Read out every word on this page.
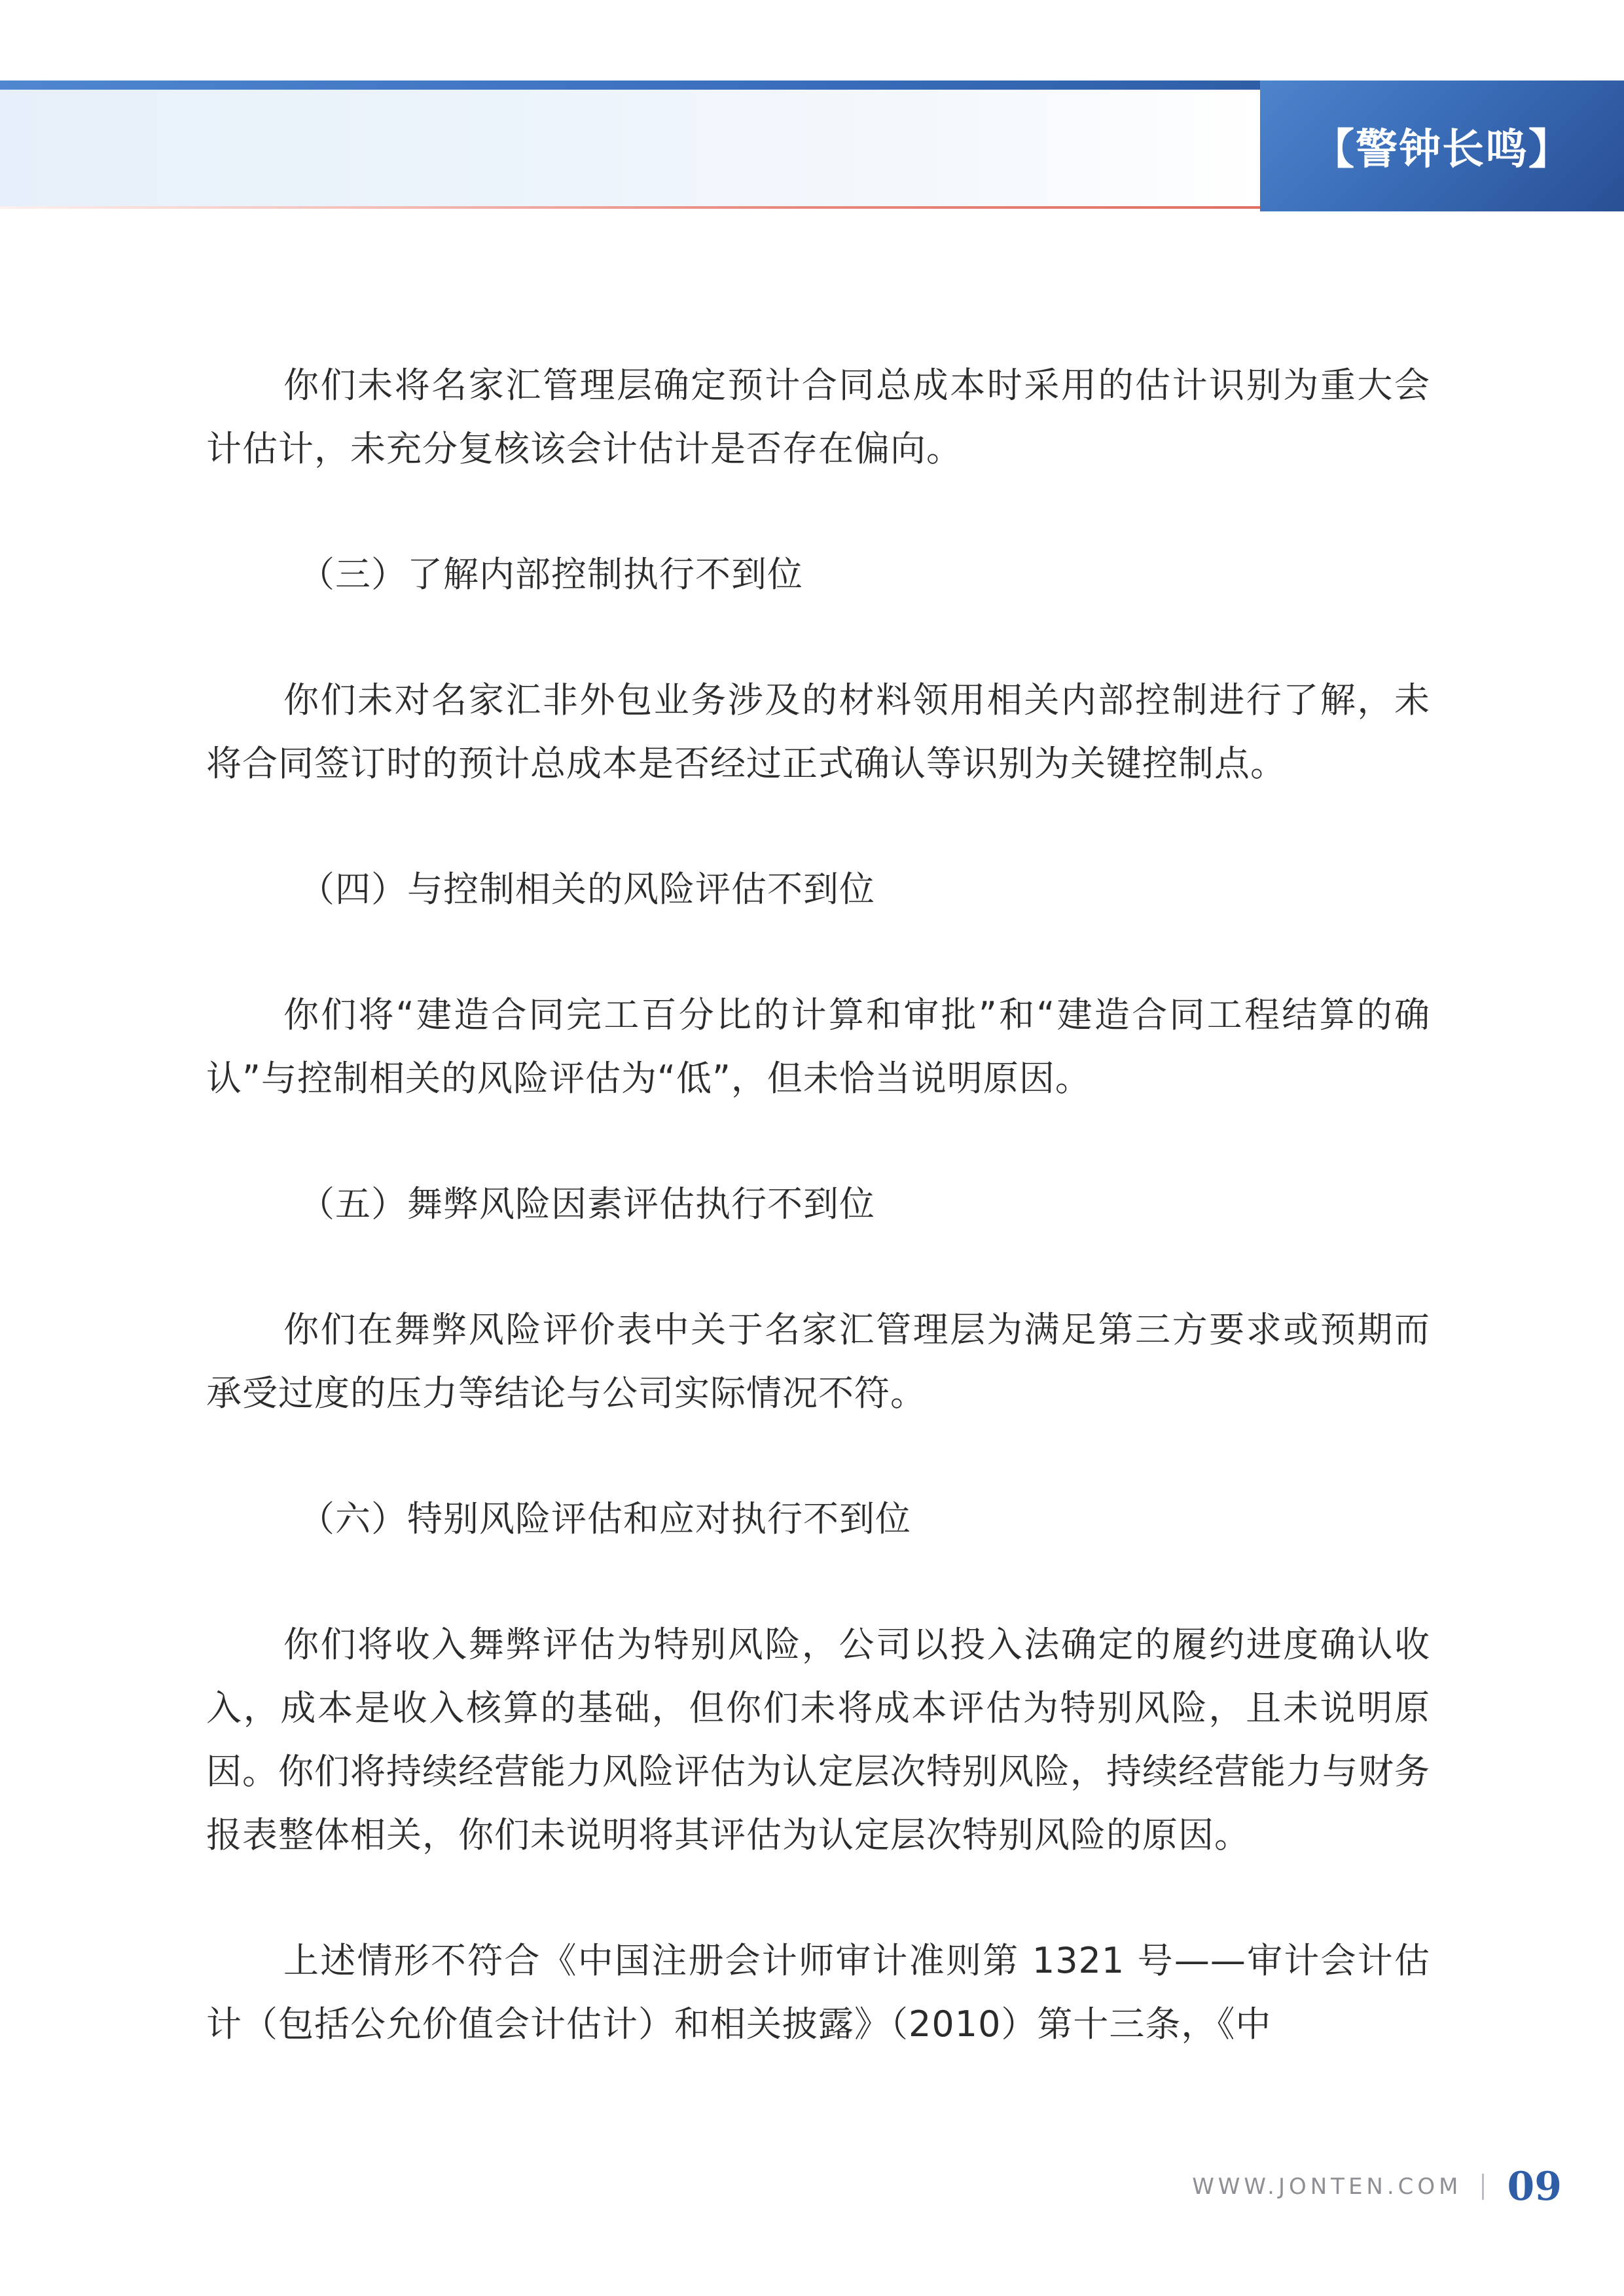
【警钟长鸣】

你们未将名家汇管理层确定预计合同总成本时采用的估计识别为重大会计估计，未充分复核该会计估计是否存在偏向。

（三）了解内部控制执行不到位

你们未对名家汇非外包业务涉及的材料领用相关内部控制进行了解，未将合同签订时的预计总成本是否经过正式确认等识别为关键控制点。

（四）与控制相关的风险评估不到位

你们将“建造合同完工百分比的计算和审批”和“建造合同工程结算的确认”与控制相关的风险评估为“低”，但未恰当说明原因。

（五）舞弊风险因素评估执行不到位

你们在舞弊风险评价表中关于名家汇管理层为满足第三方要求或预期而承受过度的压力等结论与公司实际情况不符。

（六）特别风险评估和应对执行不到位

你们将收入舞弊评估为特别风险，公司以投入法确定的履约进度确认收入，成本是收入核算的基础，但你们未将成本评估为特别风险，且未说明原因。你们将持续经营能力风险评估为认定层次特别风险，持续经营能力与财务报表整体相关，你们未说明将其评估为认定层次特别风险的原因。

上述情形不符合《中国注册会计师审计准则第 1321 号——审计会计估计（包括公允价值会计估计）和相关披露》（2010）第十三条，《中

WWW.JONTEN.COM 09
